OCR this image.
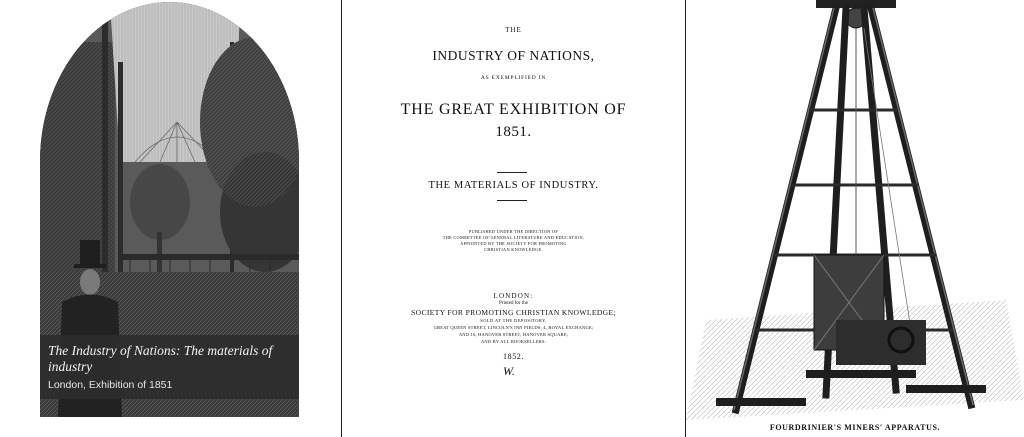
The Industry of Nations: The materials of industry
London, Exhibition of 1851
THE
INDUSTRY OF NATIONS,
AS EXEMPLIFIED IN
THE GREAT EXHIBITION OF
1851.
THE MATERIALS OF INDUSTRY.
PUBLISHED UNDER THE DIRECTION OF
THE COMMITTEE OF GENERAL LITERATURE AND EDUCATION,
APPOINTED BY THE SOCIETY FOR PROMOTING
CHRISTIAN KNOWLEDGE.
LONDON:
Printed for the
SOCIETY FOR PROMOTING CHRISTIAN KNOWLEDGE;
SOLD AT THE DEPOSITORY,
GREAT QUEEN STREET, LINCOLN'S INN FIELDS; 4, ROYAL EXCHANGE;
AND 16, HANOVER STREET, HANOVER SQUARE;
AND BY ALL BOOKSELLERS.
1852.
W.
FOURDRINIER'S MINERS' APPARATUS.
